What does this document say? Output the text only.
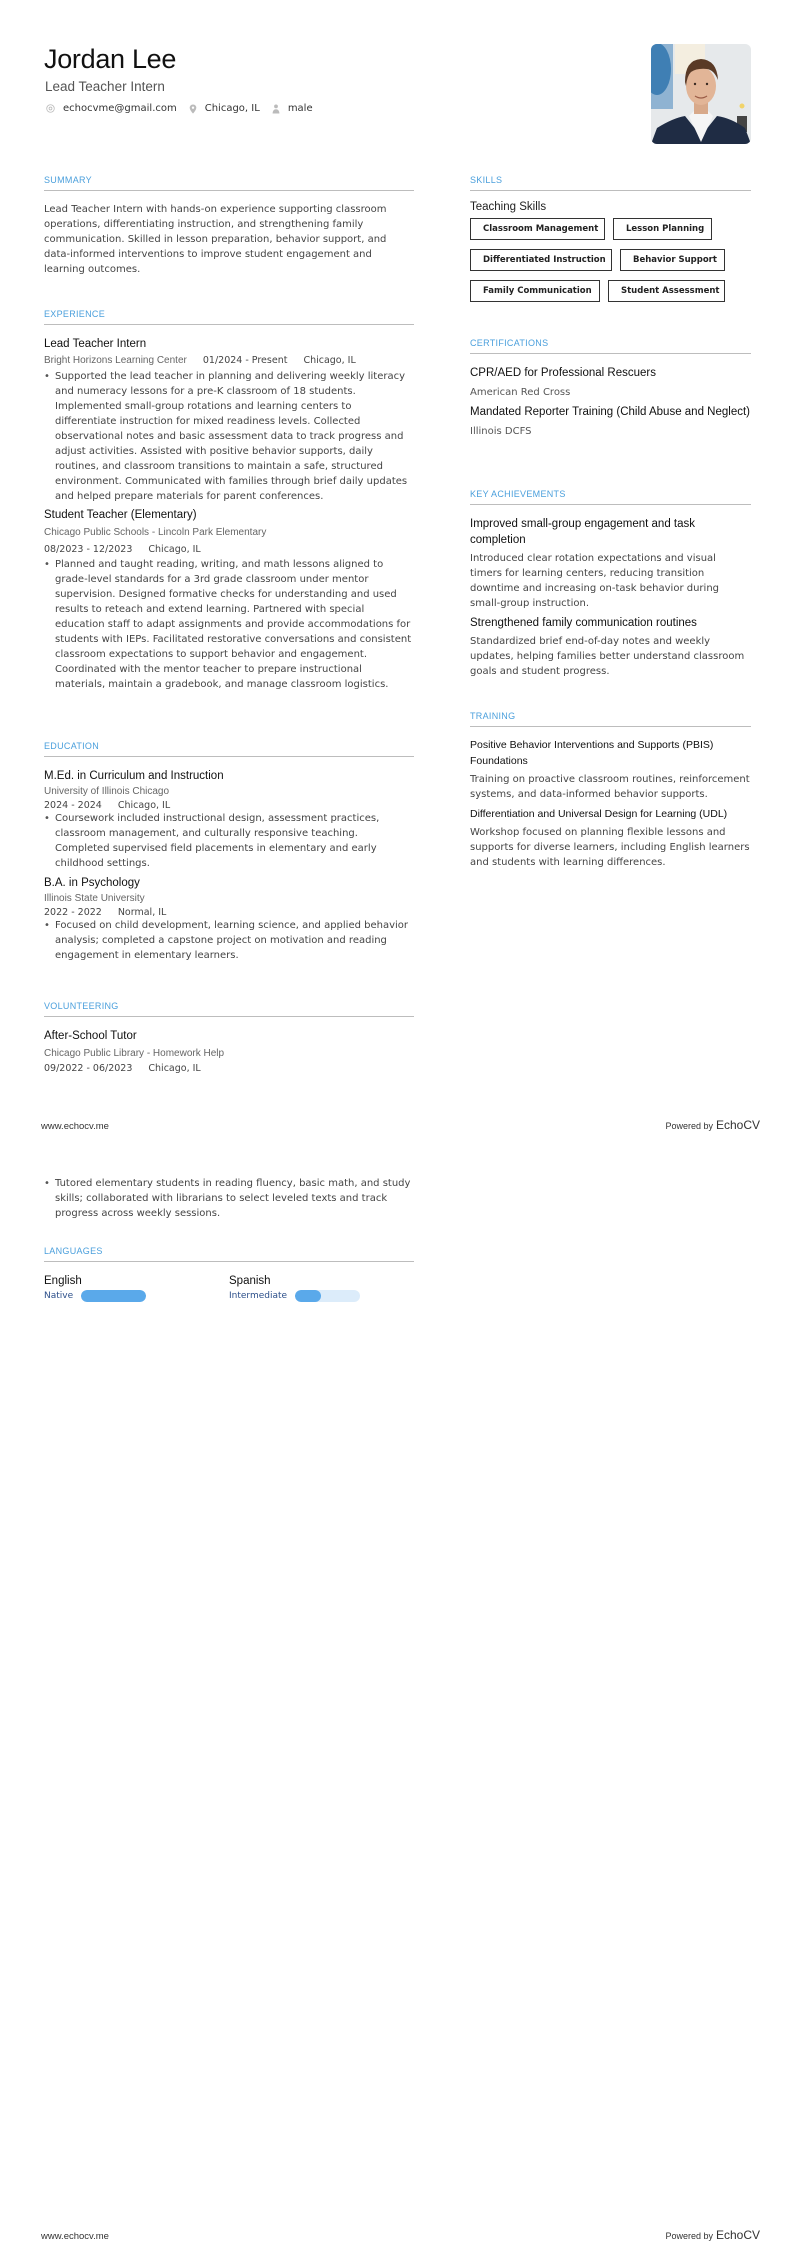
Jordan Lee
Lead Teacher Intern
echocvme@gmail.com	Chicago, IL	male
SUMMARY

Lead Teacher Intern with hands-on experience supporting classroom operations, differentiating instruction, and strengthening family communication. Skilled in lesson preparation, behavior support, and data-informed interventions to improve student engagement and learning outcomes.

EXPERIENCE
Lead Teacher Intern
Bright Horizons Learning Center 01/2024 - Present Chicago, IL
• Supported the lead teacher in planning and delivering weekly literacy and numeracy lessons for a pre-K classroom of 18 students. Implemented small-group rotations and learning centers to differentiate instruction for mixed readiness levels. Collected observational notes and basic assessment data to track progress and adjust activities. Assisted with positive behavior supports, daily routines, and classroom transitions to maintain a safe, structured environment. Communicated with families through brief daily updates and helped prepare materials for parent conferences.
Student Teacher (Elementary)
Chicago Public Schools - Lincoln Park Elementary
08/2023 - 12/2023 Chicago, IL
• Planned and taught reading, writing, and math lessons aligned to grade-level standards for a 3rd grade classroom under mentor supervision. Designed formative checks for understanding and used results to reteach and extend learning. Partnered with special education staff to adapt assignments and provide accommodations for students with IEPs. Facilitated restorative conversations and consistent classroom expectations to support behavior and engagement. Coordinated with the mentor teacher to prepare instructional materials, maintain a gradebook, and manage classroom logistics.
EDUCATION
M.Ed. in Curriculum and Instruction
University of Illinois Chicago
2024 - 2024 Chicago, IL
• Coursework included instructional design, assessment practices, classroom management, and culturally responsive teaching. Completed supervised field placements in elementary and early childhood settings.
B.A. in Psychology
Illinois State University
2022 - 2022 Normal, IL
• Focused on child development, learning science, and applied behavior analysis; completed a capstone project on motivation and reading engagement in elementary learners.
VOLUNTEERING
After-School Tutor
Chicago Public Library - Homework Help
09/2022 - 06/2023 Chicago, IL
SKILLS
Teaching Skills
Classroom Management	Lesson Planning
Differentiated Instruction	Behavior Support
Family Communication	Student Assessment
CERTIFICATIONS
CPR/AED for Professional Rescuers
American Red Cross
Mandated Reporter Training (Child Abuse and Neglect)
Illinois DCFS
KEY ACHIEVEMENTS
Improved small-group engagement and task completion

Introduced clear rotation expectations and visual timers for learning centers, reducing transition downtime and increasing on-task behavior during small-group instruction.

Strengthened family communication routines

Standardized brief end-of-day notes and weekly updates, helping families better understand classroom goals and student progress.

TRAINING
Positive Behavior Interventions and Supports (PBIS) Foundations

Training on proactive classroom routines, reinforcement systems, and data-informed behavior supports.

Differentiation and Universal Design for Learning (UDL)

Workshop focused on planning flexible lessons and supports for diverse learners, including English learners and students with learning differences.

www.echocv.me	Powered by EchoCV
• Tutored elementary students in reading fluency, basic math, and study skills; collaborated with librarians to select leveled texts and track progress across weekly sessions.
LANGUAGES
English
Native
Spanish
Intermediate
www.echocv.me	Powered by EchoCV
